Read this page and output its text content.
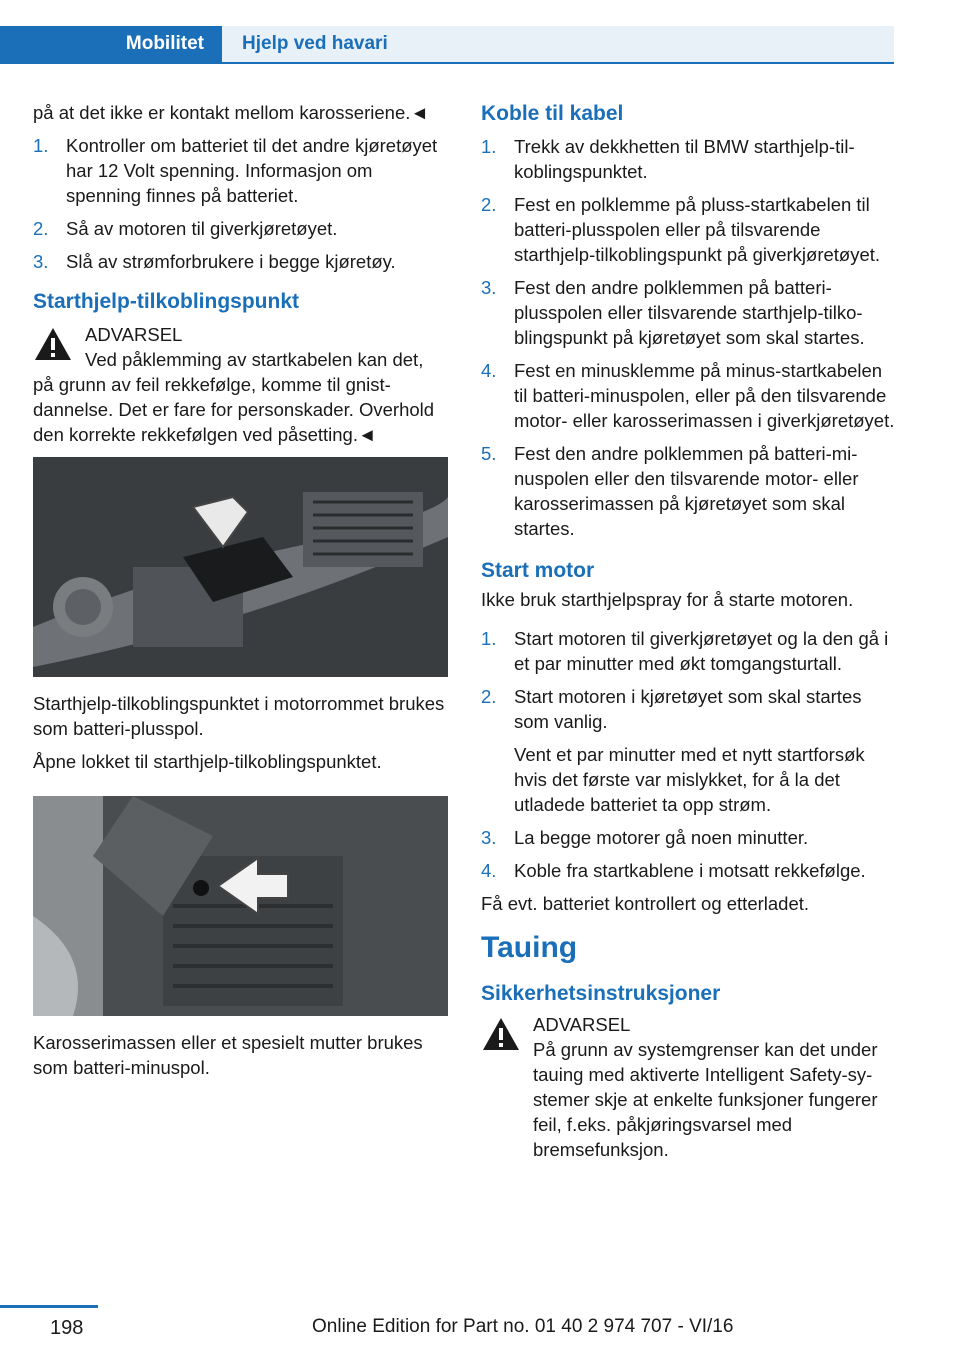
Mobilitet	Hjelp ved havari

på at det ikke er kontakt mellom karosseriene.◄

1. Kontroller om batteriet til det andre kjøretøyet har 12 Volt spenning. Informasjon om spenning finnes på batteriet.
2. Så av motoren til giverkjøretøyet.
3. Slå av strømforbrukere i begge kjøretøy.
Starthjelp-tilkoblingspunkt
ADVARSEL
Ved påklemming av startkabelen kan det,
på grunn av feil rekkefølge, komme til gnistdannelse. Det er fare for personskader. Overhold den korrekte rekkefølgen ved påsetting.◄

Starthjelp-tilkoblingspunktet i motorrommet brukes som batteri-plusspol.

Åpne lokket til starthjelp-tilkoblingspunktet.

Karosserimassen eller et spesielt mutter brukes som batteri-minuspol.

Koble til kabel
1. Trekk av dekkhetten til BMW starthjelp-tilkoblingspunktet.
2. Fest en polklemme på pluss-startkabelen til batteri-plusspolen eller på tilsvarende starthjelp-tilkoblingspunkt på giverkjøretøyet.
3. Fest den andre polklemmen på batteriplusspolen eller tilsvarende starthjelp-tilkoblingspunkt på kjøretøyet som skal startes.
4. Fest en minusklemme på minus-startkabelen til batteri-minuspolen, eller på den tilsvarende motor- eller karosserimassen i giverkjøretøyet.
5. Fest den andre polklemmen på batteri-minuspolen eller den tilsvarende motor- eller karosserimassen på kjøretøyet som skal startes.
Start motor

Ikke bruk starthjelpspray for å starte motoren.

1. Start motoren til giverkjøretøyet og la den gå i et par minutter med økt tomgangsturtall.
2. Start motoren i kjøretøyet som skal startes som vanlig.
Vent et par minutter med et nytt startforsøk hvis det første var mislykket, for å la det utladede batteriet ta opp strøm.
3. La begge motorer gå noen minutter.
4. Koble fra startkablene i motsatt rekkefølge.

Få evt. batteriet kontrollert og etterladet.

Tauing
Sikkerhetsinstruksjoner
ADVARSEL
På grunn av systemgrenser kan det under tauing med aktiverte Intelligent Safety-systemer skje at enkelte funksjoner fungerer feil, f.eks. påkjøringsvarsel med bremsefunksjon.
198	Online Edition for Part no. 01 40 2 974 707 - VI/16
